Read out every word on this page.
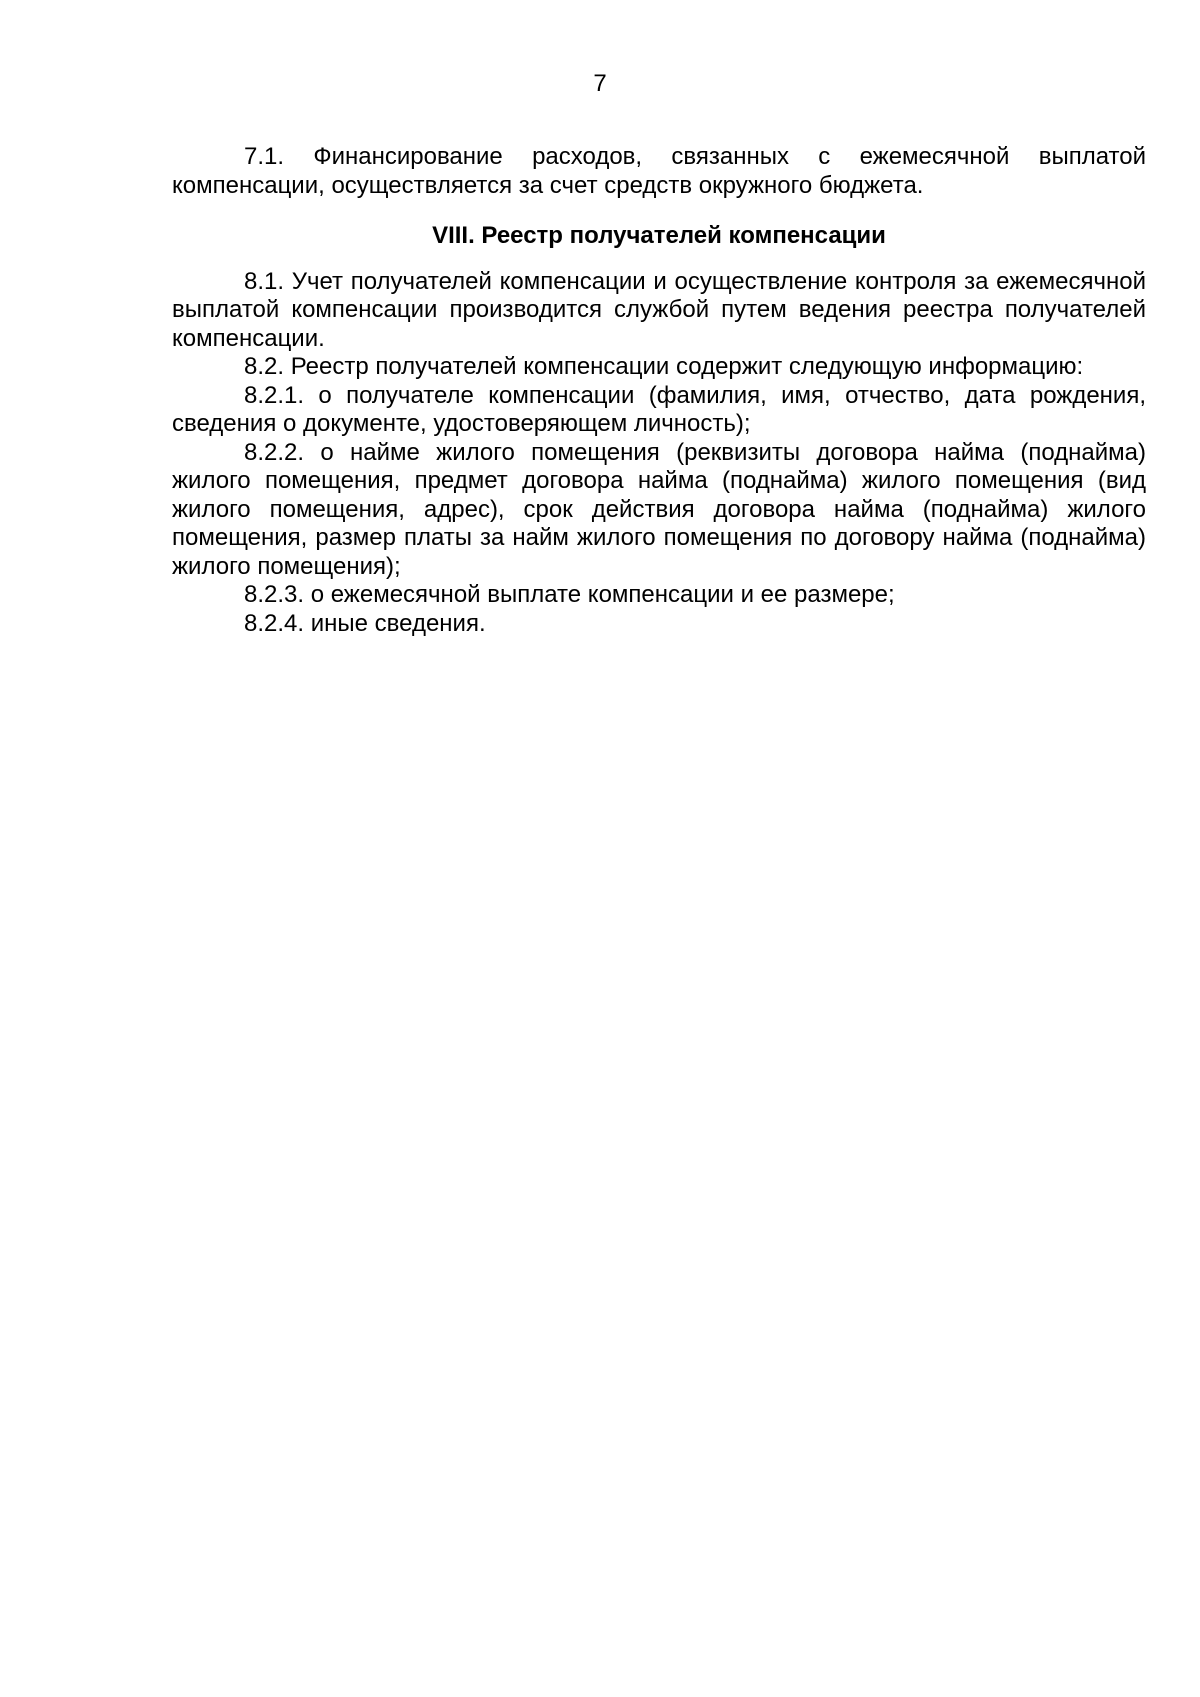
7

7.1. Финансирование расходов, связанных с ежемесячной выплатой компенсации, осуществляется за счет средств окружного бюджета.

VIII. Реестр получателей компенсации

8.1. Учет получателей компенсации и осуществление контроля за ежемесячной выплатой компенсации производится службой путем ведения реестра получателей компенсации.

8.2. Реестр получателей компенсации содержит следующую информацию:

8.2.1. о получателе компенсации (фамилия, имя, отчество, дата рождения, сведения о документе, удостоверяющем личность);

8.2.2. о найме жилого помещения (реквизиты договора найма (поднайма) жилого помещения, предмет договора найма (поднайма) жилого помещения (вид жилого помещения, адрес), срок действия договора найма (поднайма) жилого помещения, размер платы за найм жилого помещения по договору найма (поднайма) жилого помещения);

8.2.3. о ежемесячной выплате компенсации и ее размере;

8.2.4. иные сведения.
